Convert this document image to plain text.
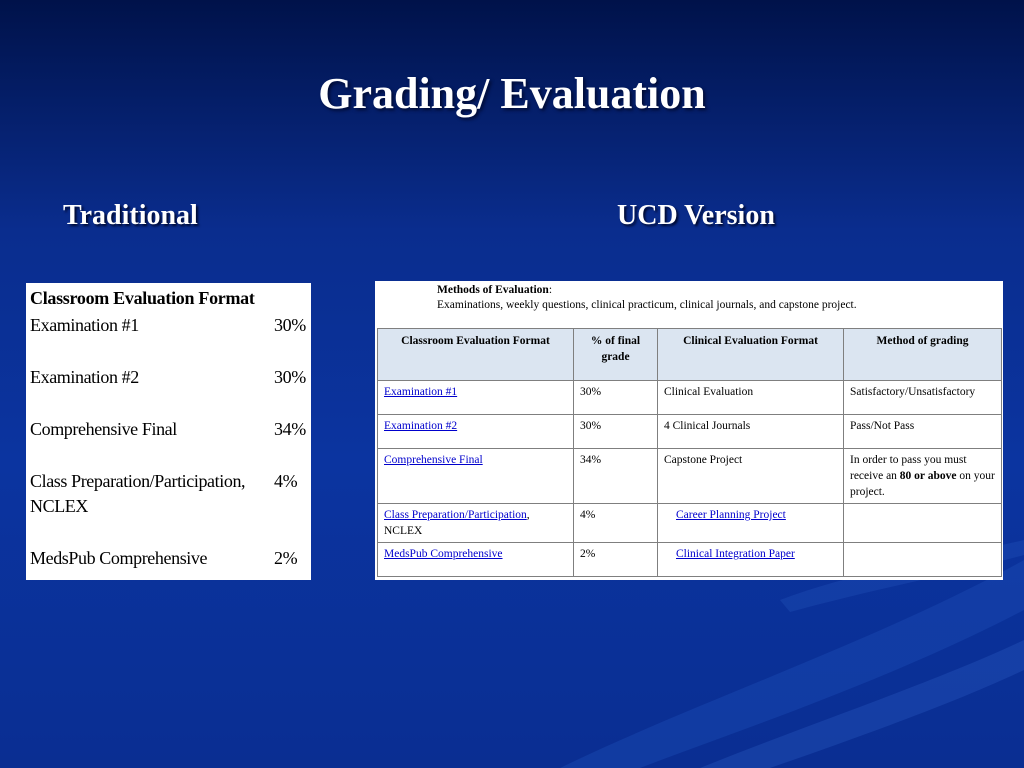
Grading/ Evaluation
Traditional	UCD Version
Classroom Evaluation Format
Examination #1	30%
Examination #2	30%
Comprehensive Final	34%
Class Preparation/Participation,	4%
NCLEX
MedsPub Comprehensive	2%
Methods of Evaluation:
Examinations, weekly questions, clinical practicum, clinical journals, and capstone project.
Classroom Evaluation Format	% of final grade	Clinical Evaluation Format	Method of grading
Examination #1	30%	Clinical Evaluation	Satisfactory/Unsatisfactory
Examination #2	30%	4 Clinical Journals	Pass/Not Pass
Comprehensive Final	34%	Capstone Project	In order to pass you must receive an 80 or above on your project.
Class Preparation/Participation,
NCLEX	4%	Career Planning Project	
MedsPub Comprehensive	2%	Clinical Integration Paper	
